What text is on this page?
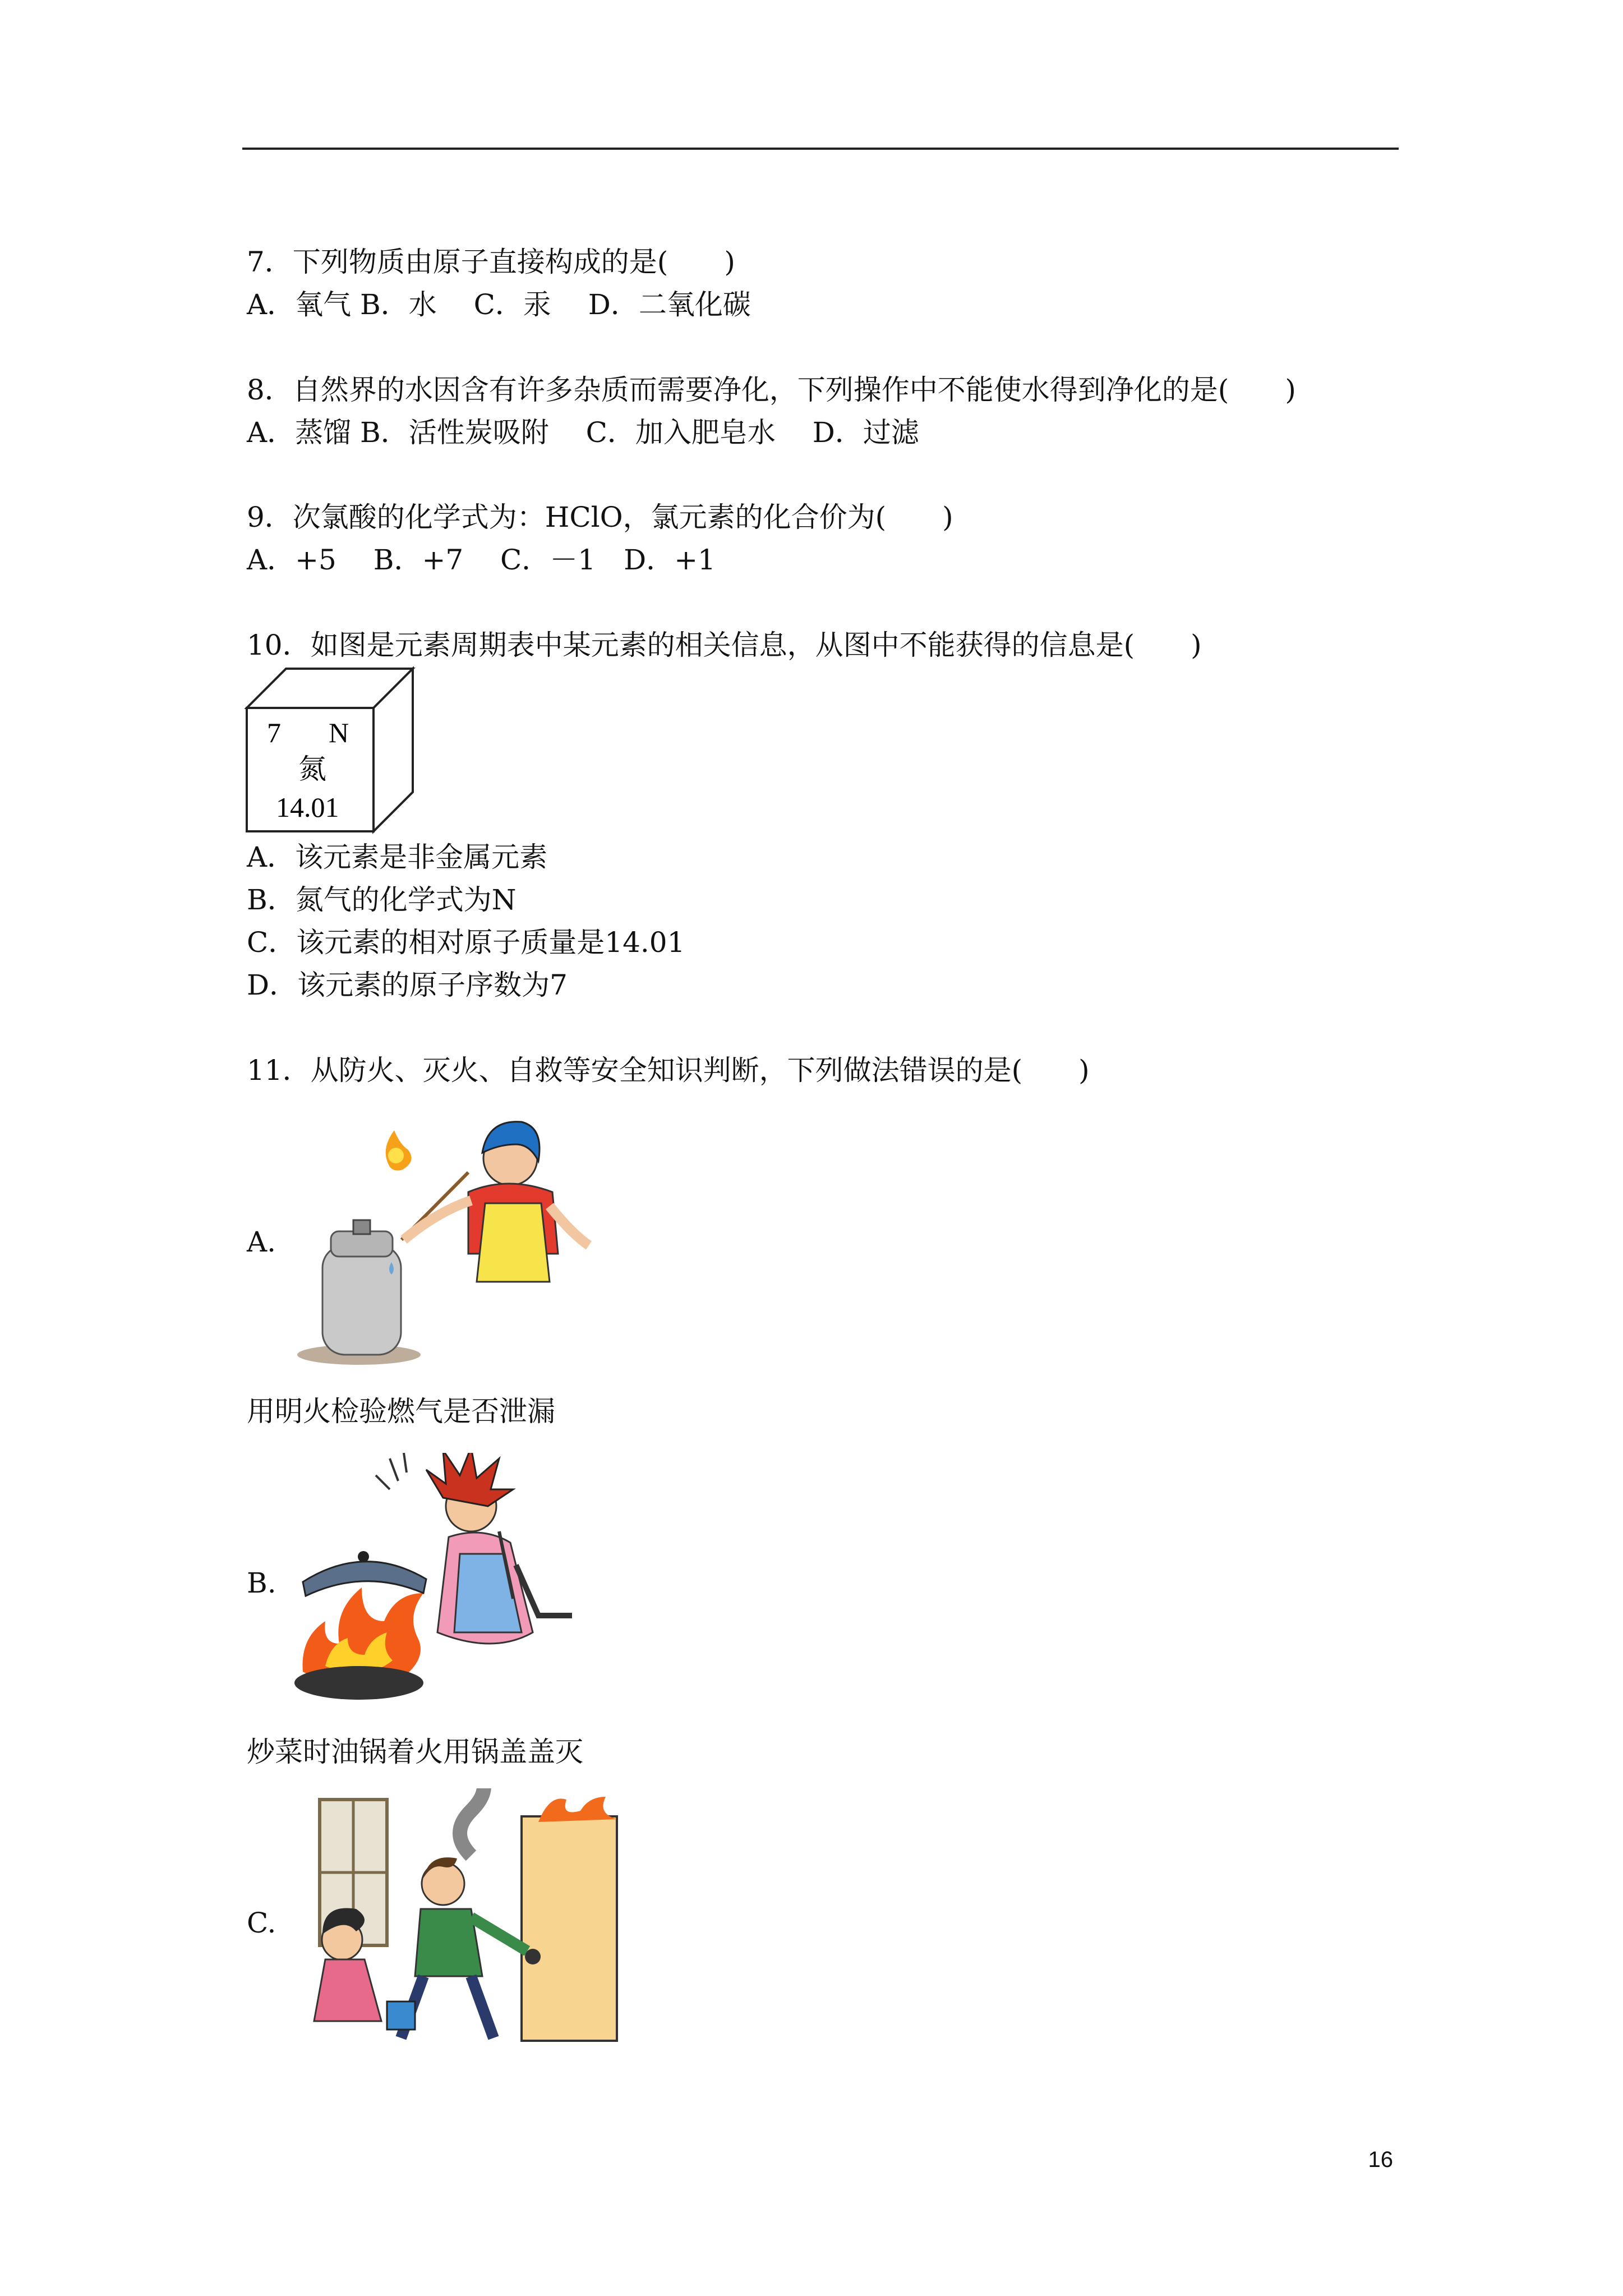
7．下列物质由原子直接构成的是(　　)
A．氧气 B．水　 C．汞　 D．二氧化碳
8．自然界的水因含有许多杂质而需要净化，下列操作中不能使水得到净化的是(　　)
A．蒸馏 B．活性炭吸附　 C．加入肥皂水　 D．过滤
9．次氯酸的化学式为：HClO，氯元素的化合价为(　　)
A．+5　 B．+7　 C．－1　D．+1
10．如图是元素周期表中某元素的相关信息，从图中不能获得的信息是(　　)
7 N
氮
14.01
A．该元素是非金属元素
B．氮气的化学式为N
C．该元素的相对原子质量是14.01
D．该元素的原子序数为7
11．从防火、灭火、自救等安全知识判断，下列做法错误的是(　　)
A.
用明火检验燃气是否泄漏
B.
炒菜时油锅着火用锅盖盖灭
C.
16
